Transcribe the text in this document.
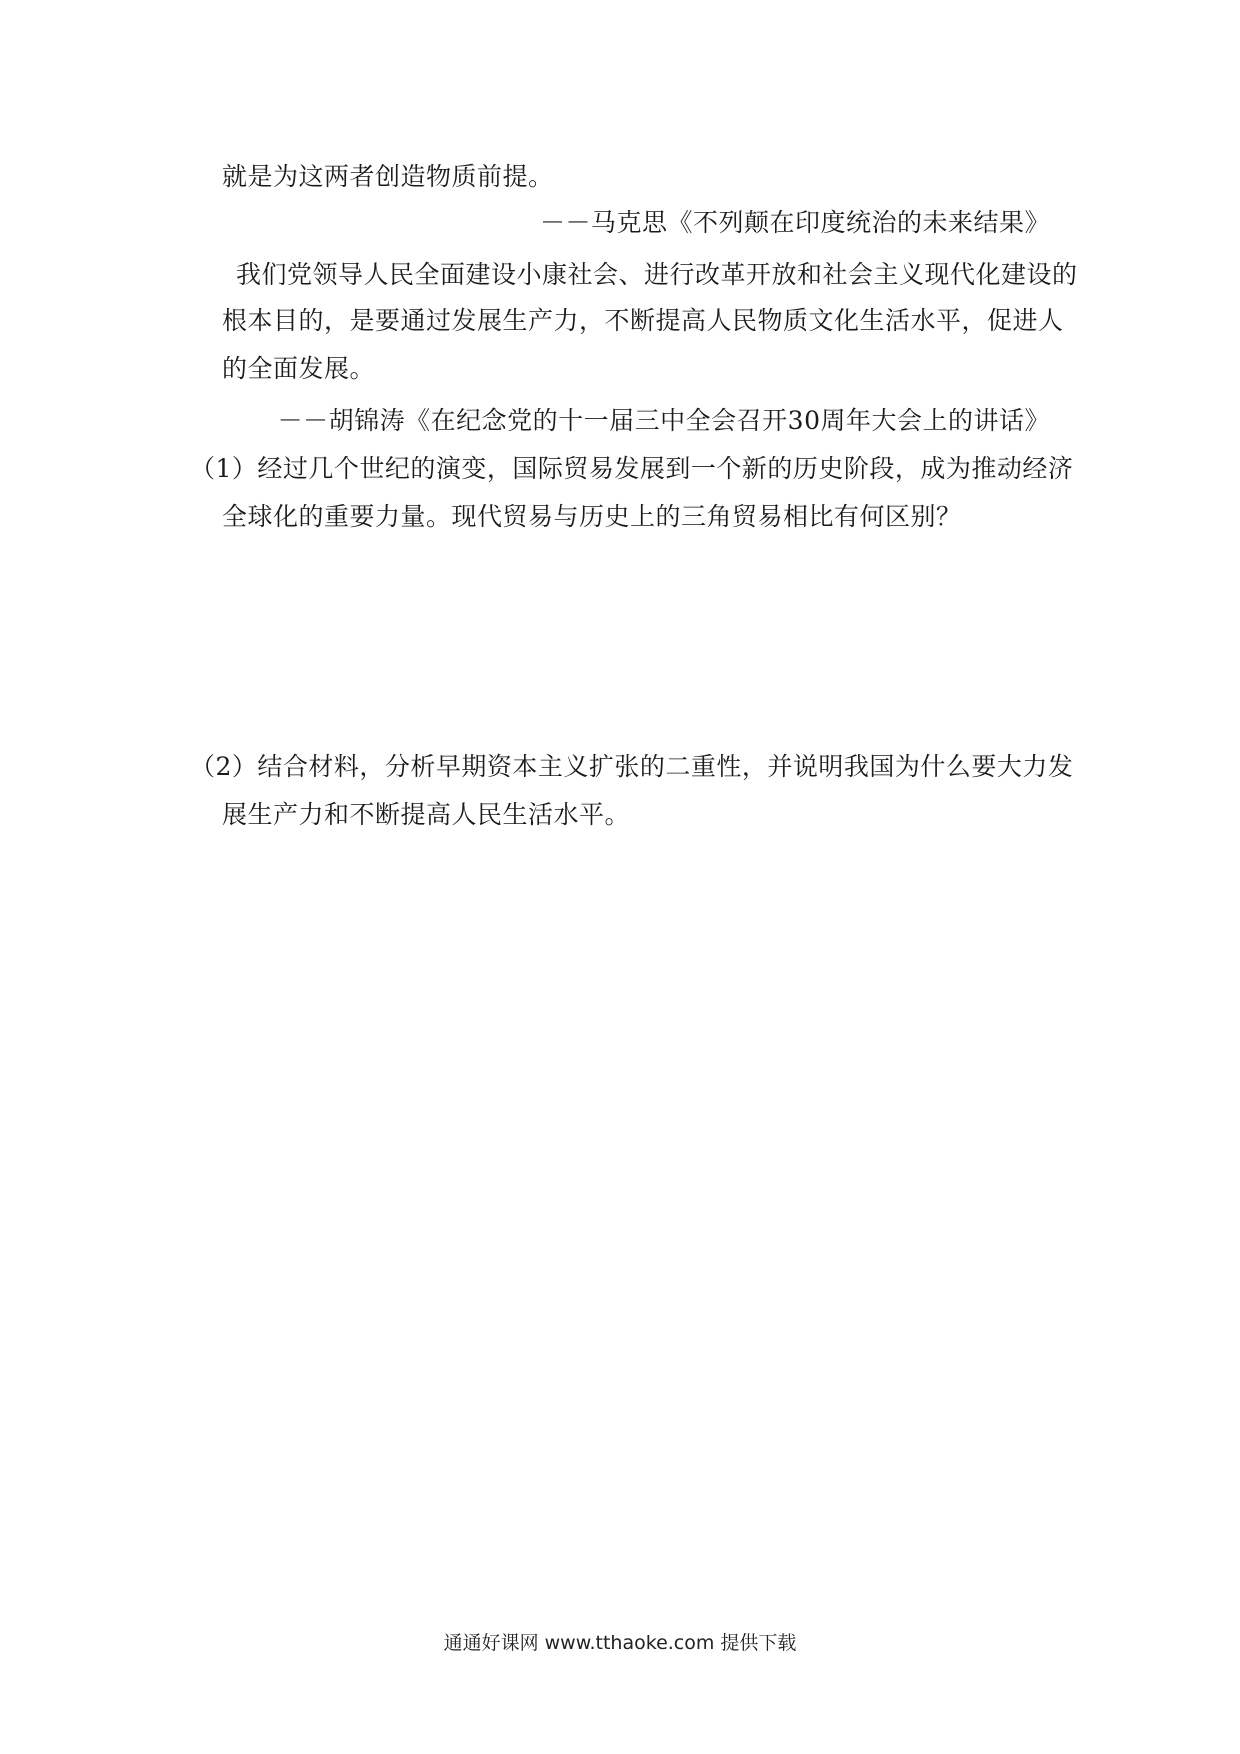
就是为这两者创造物质前提。
－－马克思《不列颠在印度统治的未来结果》
我们党领导人民全面建设小康社会、进行改革开放和社会主义现代化建设的
根本目的，是要通过发展生产力，不断提高人民物质文化生活水平，促进人
的全面发展。
－－胡锦涛《在纪念党的十一届三中全会召开30周年大会上的讲话》
（1）经过几个世纪的演变，国际贸易发展到一个新的历史阶段，成为推动经济
全球化的重要力量。现代贸易与历史上的三角贸易相比有何区别？
（2）结合材料，分析早期资本主义扩张的二重性，并说明我国为什么要大力发
展生产力和不断提高人民生活水平。
通通好课网 www.tthaoke.com 提供下载
